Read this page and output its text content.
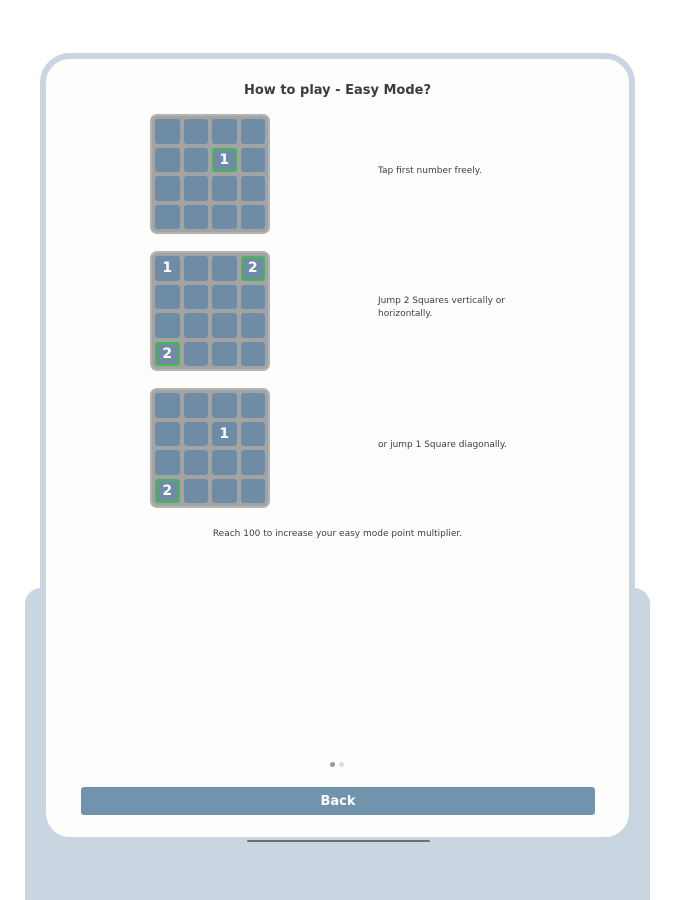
How to play - Easy Mode?
1
Tap first number freely.
1	2
2
Jump 2 Squares vertically or horizontally.
1
2
or jump 1 Square diagonally.
Reach 100 to increase your easy mode point multiplier.
Back
